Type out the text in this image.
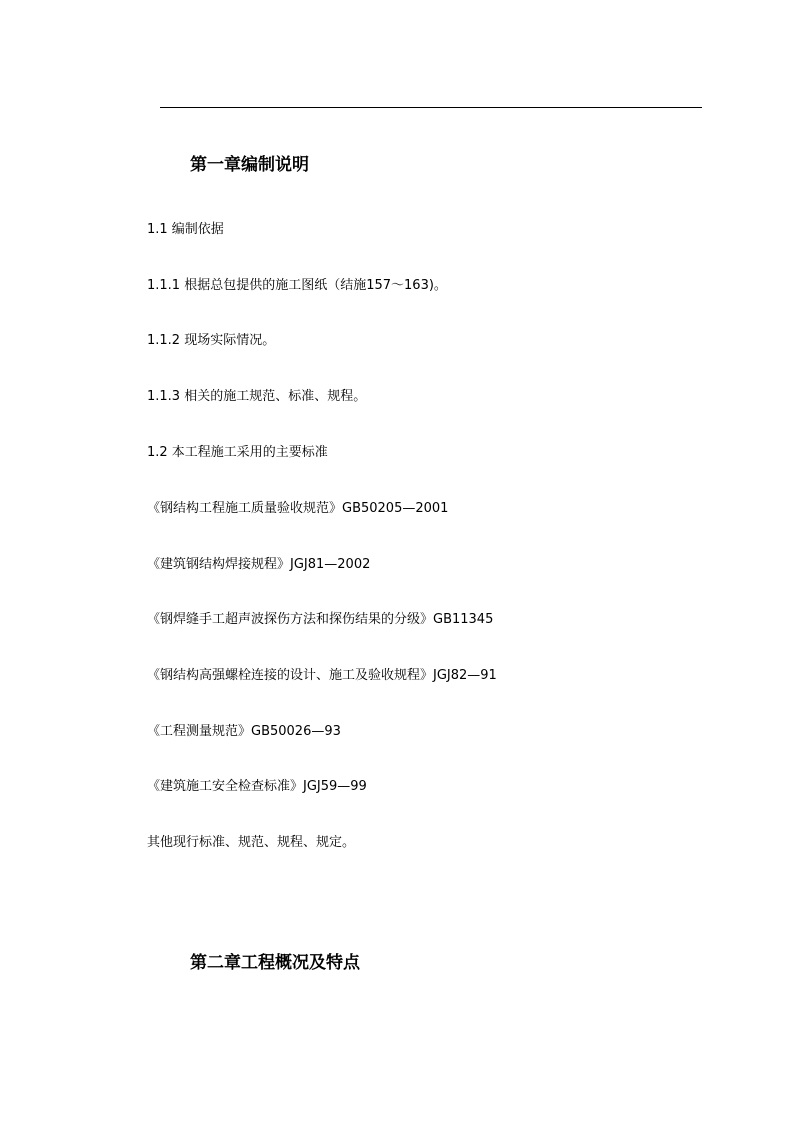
第一章编制说明
1.1 编制依据
1.1.1 根据总包提供的施工图纸（结施157～163)。
1.1.2 现场实际情况。
1.1.3 相关的施工规范、标准、规程。
1.2 本工程施工采用的主要标准
《钢结构工程施工质量验收规范》GB50205—2001
《建筑钢结构焊接规程》JGJ81—2002
《钢焊缝手工超声波探伤方法和探伤结果的分级》GB11345
《钢结构高强螺栓连接的设计、施工及验收规程》JGJ82—91
《工程测量规范》GB50026—93
《建筑施工安全检查标准》JGJ59—99
其他现行标准、规范、规程、规定。
第二章工程概况及特点
